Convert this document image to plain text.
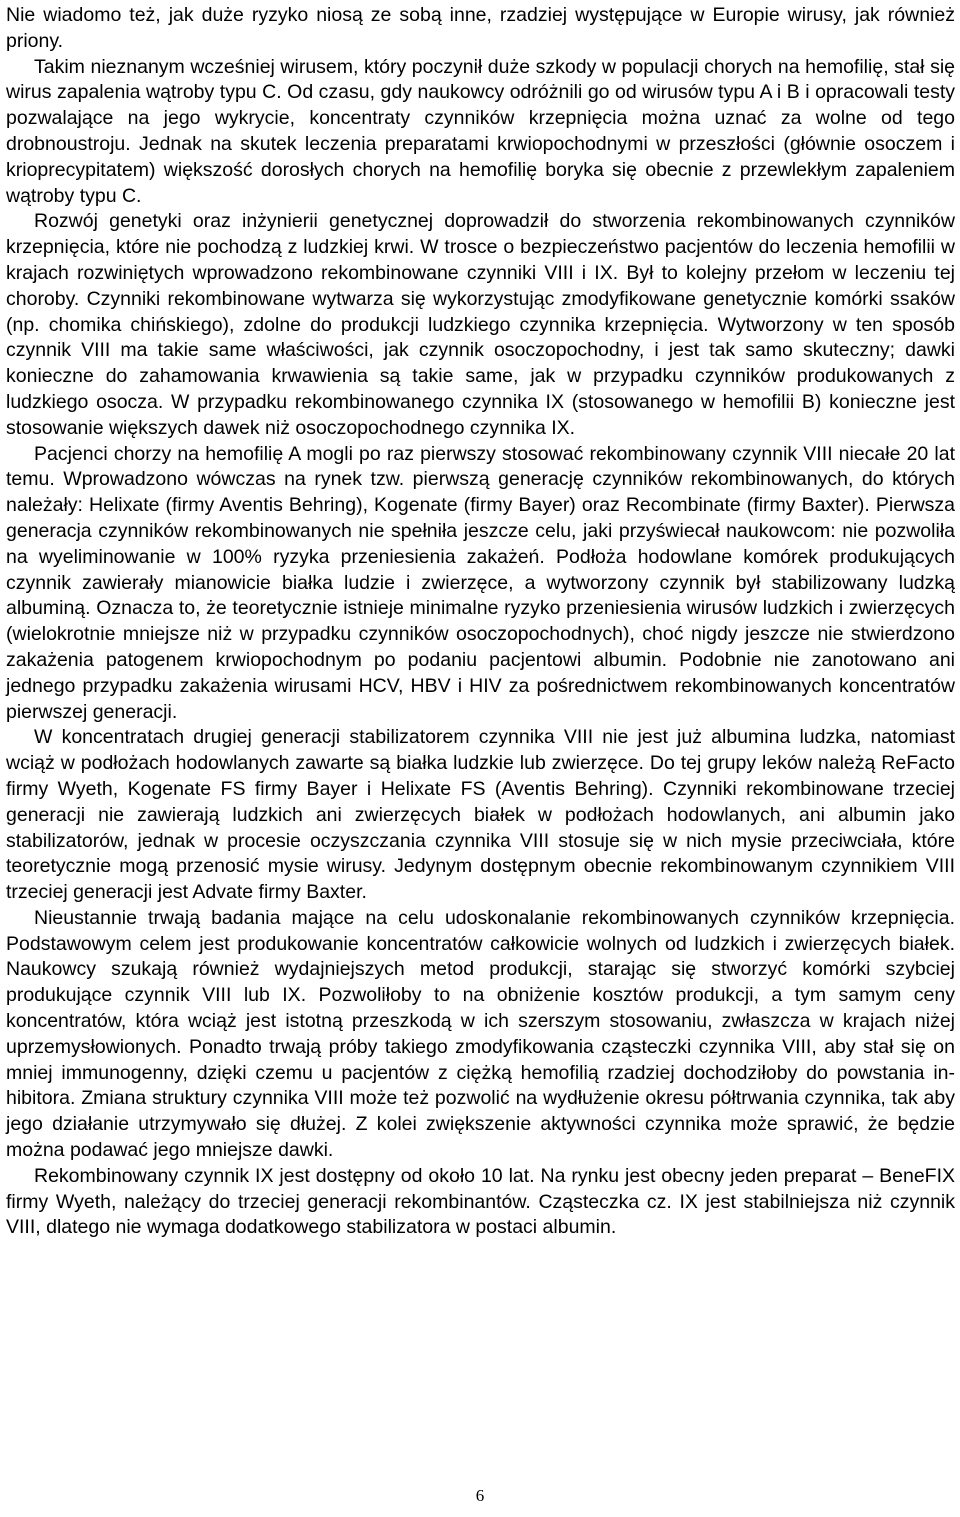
Nie wiadomo też, jak duże ryzyko niosą ze sobą inne, rzadziej występujące w Europie wirusy, jak również priony.

Takim nieznanym wcześniej wirusem, który poczynił duże szkody w populacji chorych na hemofilię, stał się wirus zapalenia wątroby typu C. Od czasu, gdy naukowcy odróżnili go od wirusów typu A i B i opracowali testy pozwalające na jego wykrycie, koncentraty czynników krzepnięcia można uznać za wolne od tego drobnoustroju. Jednak na skutek leczenia preparatami krwiopochodnymi w przeszłości (głównie osoczem i krioprecypitatem) większość dorosłych chorych na hemofilię boryka się obecnie z przewlekłym zapaleniem wątroby typu C.

Rozwój genetyki oraz inżynierii genetycznej doprowadził do stworzenia rekombinowanych czynników krzepnięcia, które nie pochodzą z ludzkiej krwi. W trosce o bezpieczeństwo pacjentów do leczenia hemofilii w krajach rozwiniętych wprowadzono rekombinowane czynniki VIII i IX. Był to kolejny przełom w leczeniu tej choroby. Czynniki rekombinowane wytwarza się wykorzystując zmodyfikowane genetycznie komórki ssaków (np. chomika chińskiego), zdolne do produkcji ludzkiego czynnika krzepnięcia. Wytworzony w ten sposób czynnik VIII ma takie same właściwości, jak czynnik osoczopochodny, i jest tak samo skuteczny; dawki konieczne do zahamowania krwawienia są takie same, jak w przypadku czynników produkowanych z ludzkiego osocza. W przypadku rekombinowanego czynnika IX (stosowanego w hemofilii B) konieczne jest stosowanie większych dawek niż osoczopochodnego czynnika IX.

Pacjenci chorzy na hemofilię A mogli po raz pierwszy stosować rekombinowany czynnik VIII niecałe 20 lat temu. Wprowadzono wówczas na rynek tzw. pierwszą generację czynników rekombinowanych, do których należały: Helixate (firmy Aventis Behring), Kogenate (firmy Bayer) oraz Recombinate (firmy Baxter). Pierwsza generacja czynników rekombinowanych nie spełniła jeszcze celu, jaki przyświecał naukowcom: nie pozwoliła na wyeliminowanie w 100% ryzyka przeniesienia zakażeń. Podłoża hodowlane komórek produkujących czynnik zawierały mianowicie białka ludzie i zwierzęce, a wytworzony czynnik był stabilizowany ludzką albuminą. Oznacza to, że teoretycznie istnieje minimalne ryzyko przeniesienia wirusów ludzkich i zwierzęcych (wielokrotnie mniejsze niż w przypadku czynników osoczopochodnych), choć nigdy jeszcze nie stwierdzono zakażenia patogenem krwiopochodnym po podaniu pacjentowi albumin. Podobnie nie zanotowano ani jednego przypadku zakażenia wirusami HCV, HBV i HIV za pośrednictwem rekombinowanych koncentratów pierwszej generacji.

W koncentratach drugiej generacji stabilizatorem czynnika VIII nie jest już albumina ludzka, natomiast wciąż w podłożach hodowlanych zawarte są białka ludzkie lub zwierzęce. Do tej grupy leków należą ReFacto firmy Wyeth, Kogenate FS firmy Bayer i Helixate FS (Aventis Behring). Czynniki rekombinowane trzeciej generacji nie zawierają ludzkich ani zwierzęcych białek w podłożach hodowlanych, ani albumin jako stabilizatorów, jednak w procesie oczyszczania czynnika VIII stosuje się w nich mysie przeciwciała, które teoretycznie mogą przenosić mysie wirusy. Jedynym dostępnym obecnie rekombinowanym czynnikiem VIII trzeciej generacji jest Advate firmy Baxter.

Nieustannie trwają badania mające na celu udoskonalanie rekombinowanych czynników krzepnięcia. Podstawowym celem jest produkowanie koncentratów całkowicie wolnych od ludzkich i zwierzęcych białek. Naukowcy szukają również wydajniejszych metod produkcji, starając się stworzyć komórki szybciej produkujące czynnik VIII lub IX. Pozwoliłoby to na obniżenie kosztów produkcji, a tym samym ceny koncentratów, która wciąż jest istotną przeszkodą w ich szerszym stosowaniu, zwłaszcza w krajach niżej uprzemysłowionych. Ponadto trwają próby takiego zmodyfikowania cząsteczki czynnika VIII, aby stał się on mniej immunogenny, dzięki czemu u pacjentów z ciężką hemofilią rzadziej dochodziłoby do powstania inhibitora. Zmiana struktury czynnika VIII może też pozwolić na wydłużenie okresu półtrwania czynnika, tak aby jego działanie utrzymywało się dłużej. Z kolei zwiększenie aktywności czynnika może sprawić, że będzie można podawać jego mniejsze dawki.

Rekombinowany czynnik IX jest dostępny od około 10 lat. Na rynku jest obecny jeden preparat – BeneFIX firmy Wyeth, należący do trzeciej generacji rekombinantów. Cząsteczka cz. IX jest stabilniejsza niż czynnik VIII, dlatego nie wymaga dodatkowego stabilizatora w postaci albumin.

6
